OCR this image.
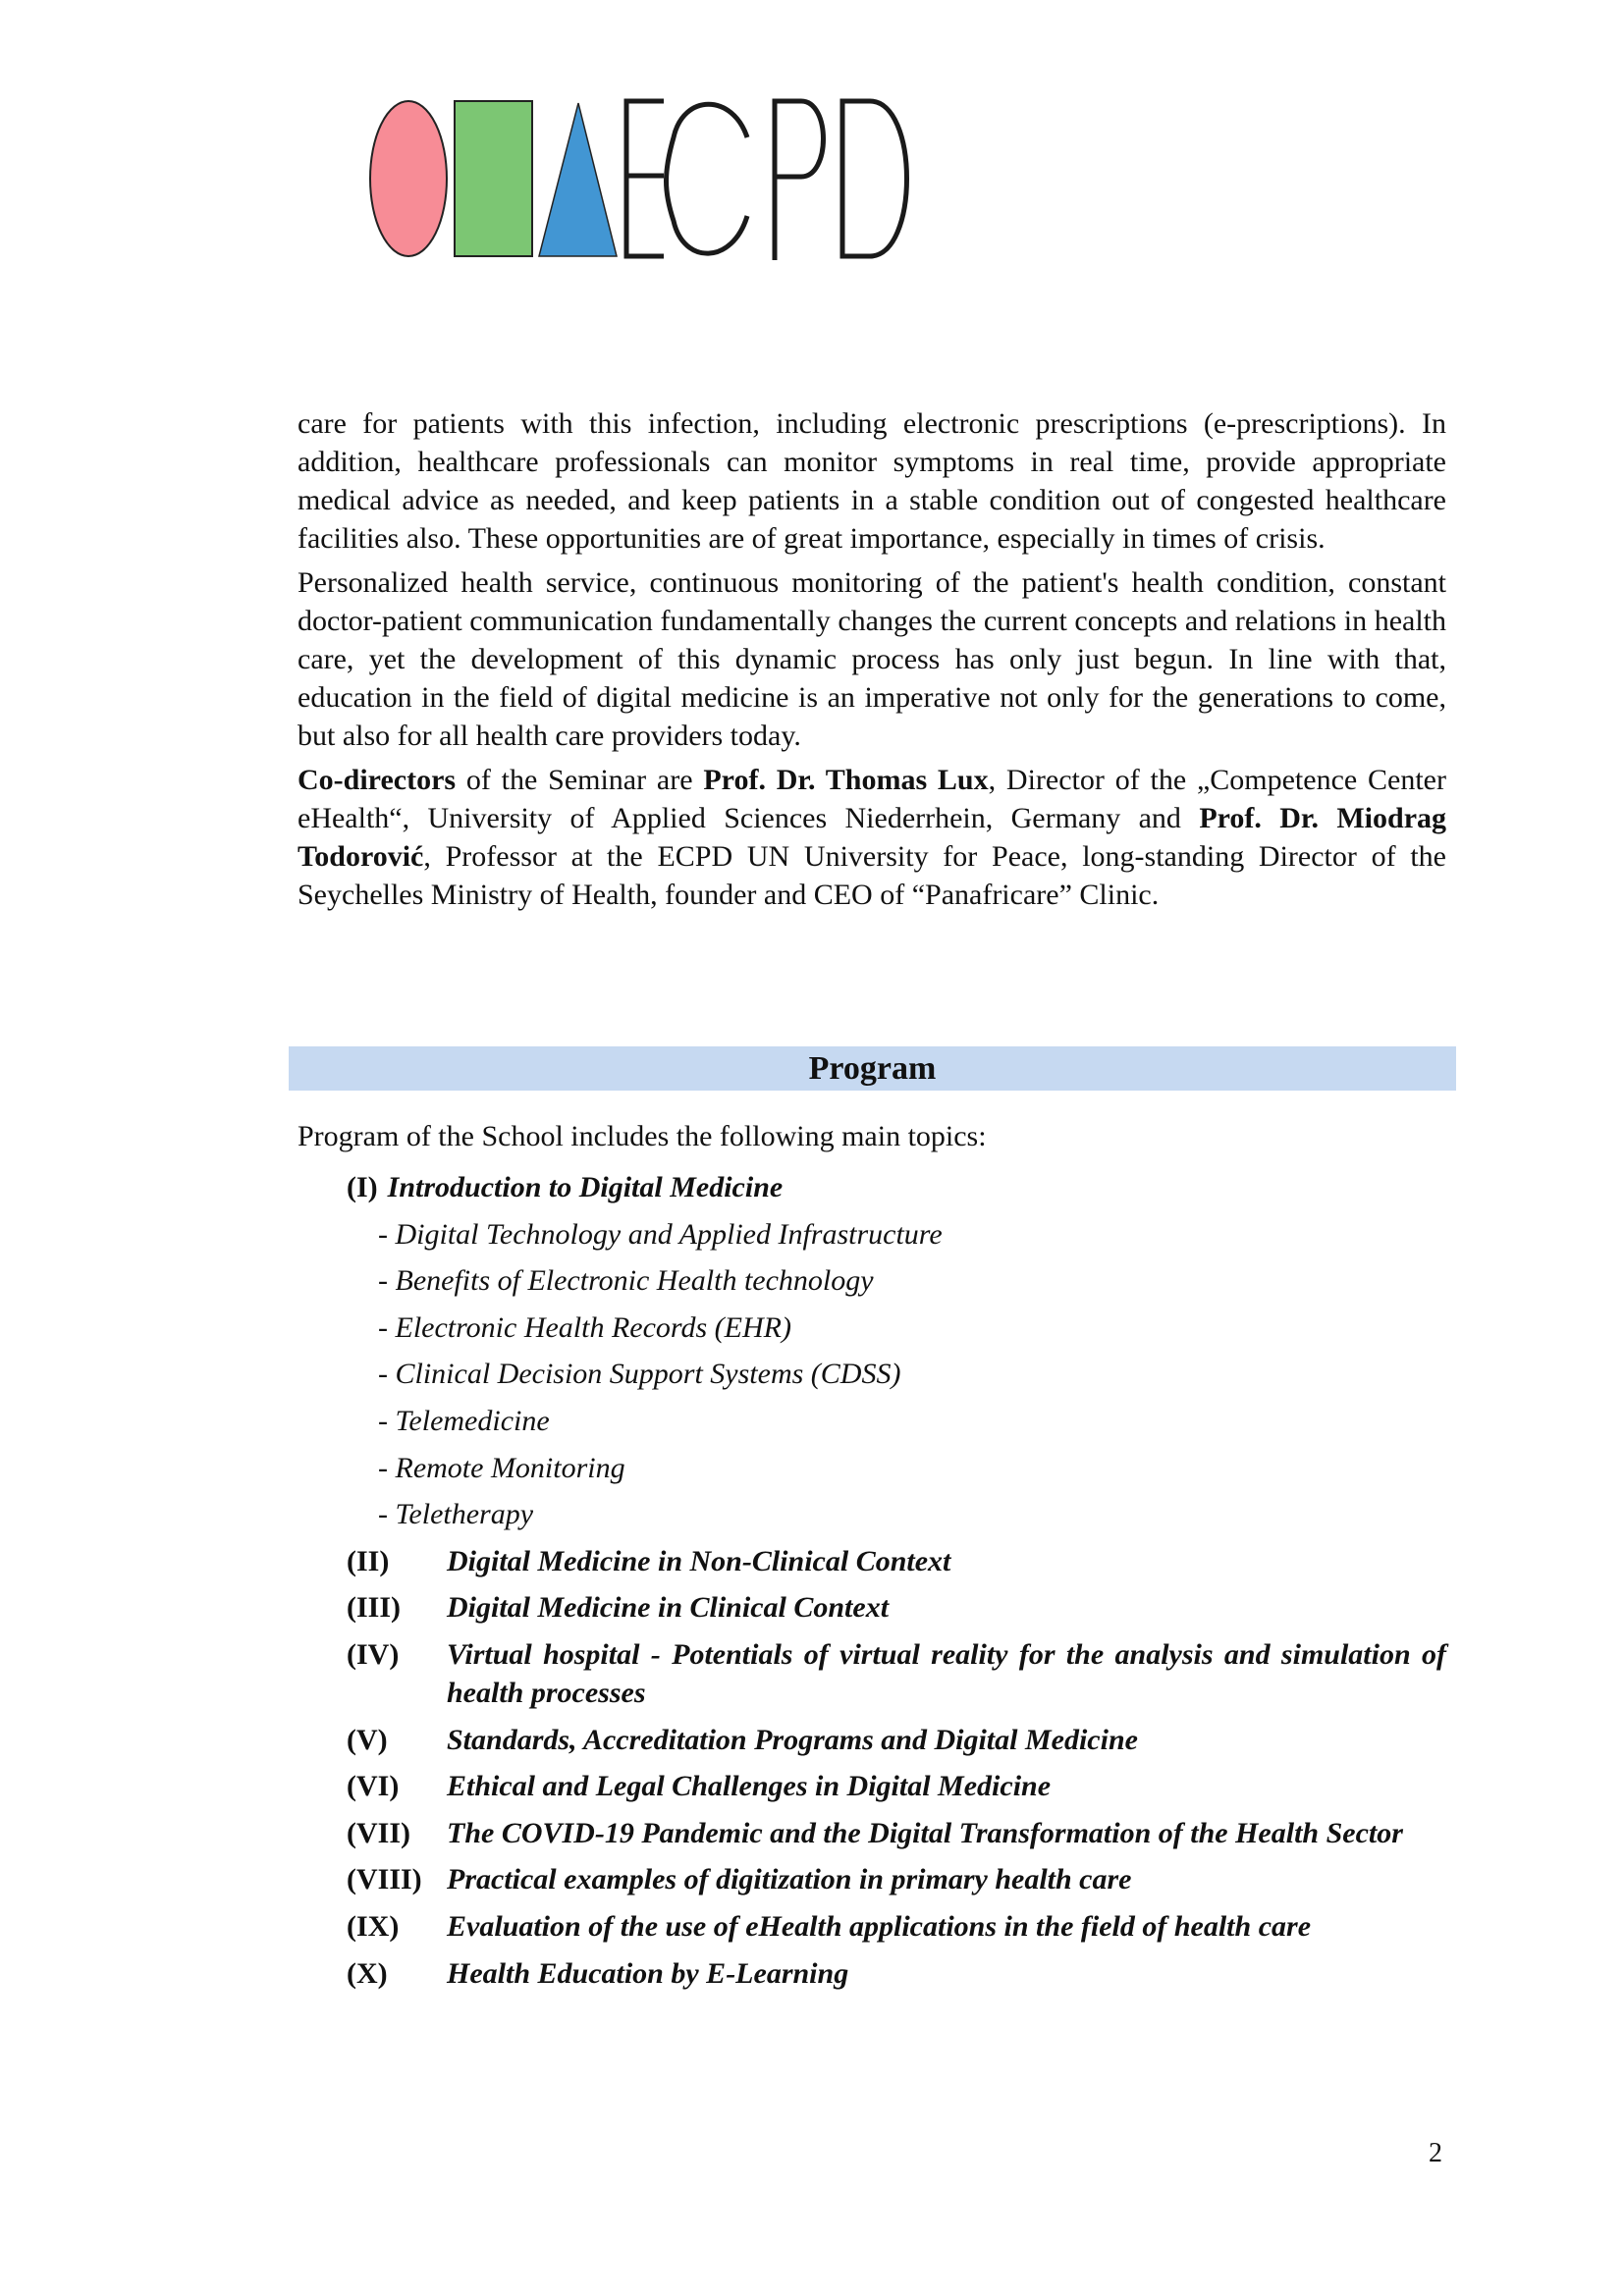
care for patients with this infection, including electronic prescriptions (e-prescriptions). In addition, healthcare professionals can monitor symptoms in real time, provide appropriate medical advice as needed, and keep patients in a stable condition out of congested healthcare facilities also. These opportunities are of great importance, especially in times of crisis.

Personalized health service, continuous monitoring of the patient's health condition, constant doctor-patient communication fundamentally changes the current concepts and relations in health care, yet the development of this dynamic process has only just begun. In line with that, education in the field of digital medicine is an imperative not only for the generations to come, but also for all health care providers today.

Co-directors of the Seminar are Prof. Dr. Thomas Lux, Director of the „Competence Center eHealth“, University of Applied Sciences Niederrhein, Germany and Prof. Dr. Miodrag Todorović, Professor at the ECPD UN University for Peace, long-standing Director of the Seychelles Ministry of Health, founder and CEO of “Panafricare” Clinic.

Program
Program of the School includes the following main topics:
(I) Introduction to Digital Medicine
- Digital Technology and Applied Infrastructure
- Benefits of Electronic Health technology
- Electronic Health Records (EHR)
- Clinical Decision Support Systems (CDSS)
- Telemedicine
- Remote Monitoring
- Teletherapy
(II)	Digital Medicine in Non-Clinical Context
(III)	Digital Medicine in Clinical Context
(IV)	Virtual hospital - Potentials of virtual reality for the analysis and simulation of health processes
(V)	Standards, Accreditation Programs and Digital Medicine
(VI)	Ethical and Legal Challenges in Digital Medicine
(VII)	The COVID-19 Pandemic and the Digital Transformation of the Health Sector
(VIII) Practical examples of digitization in primary health care
(IX)	Evaluation of the use of eHealth applications in the field of health care
(X)	Health Education by E-Learning
2
